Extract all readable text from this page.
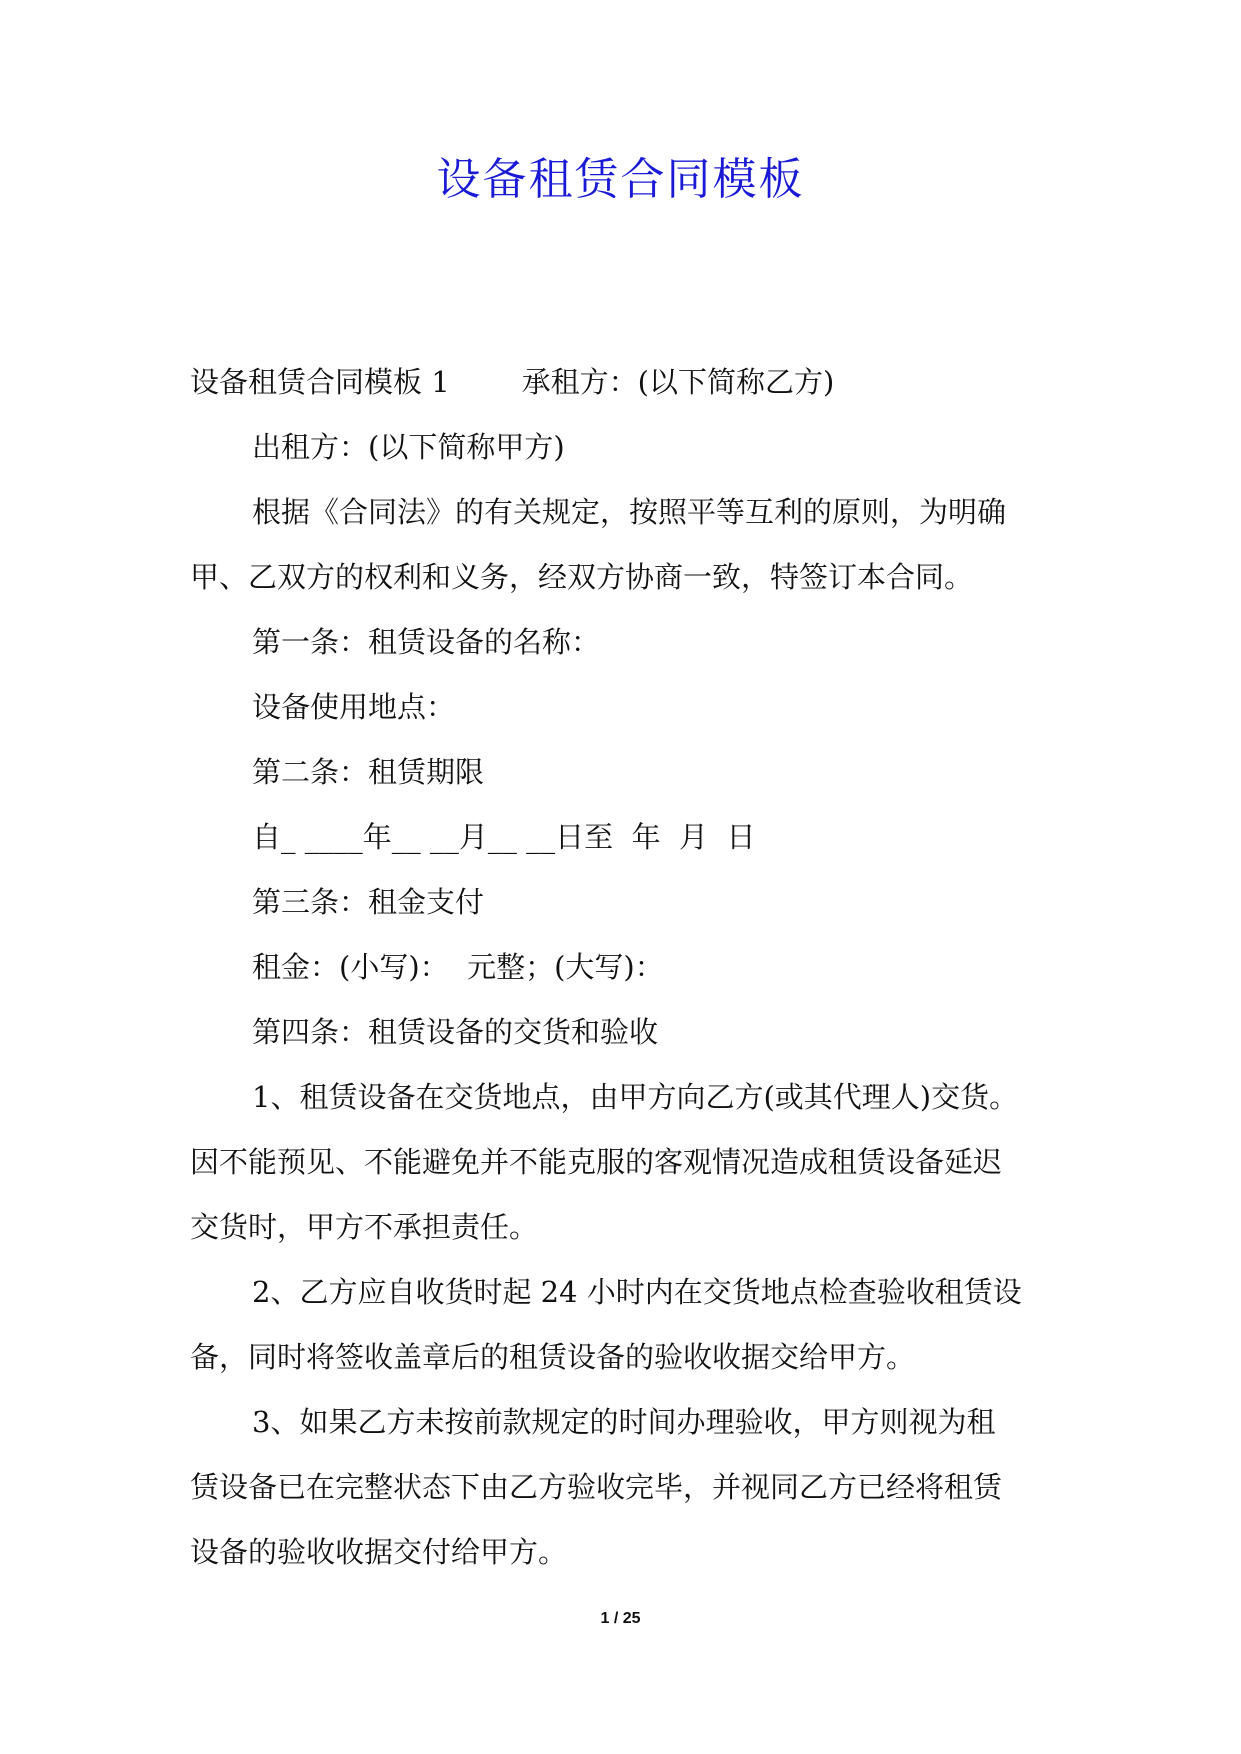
设备租赁合同模板

设备租赁合同模板 1 承租方：(以下简称乙方)

出租方：(以下简称甲方)

根据《合同法》的有关规定，按照平等互利的原则，为明确
甲、乙双方的权利和义务，经双方协商一致，特签订本合同。

第一条：租赁设备的名称：

设备使用地点：

第二条：租赁期限

自_ ____年__ __月__ __日至  年  月  日

第三条：租金支付

租金：(小写)：  元整；(大写)：

第四条：租赁设备的交货和验收

1、租赁设备在交货地点，由甲方向乙方(或其代理人)交货。
因不能预见、不能避免并不能克服的客观情况造成租赁设备延迟
交货时，甲方不承担责任。

2、乙方应自收货时起 24 小时内在交货地点检查验收租赁设
备，同时将签收盖章后的租赁设备的验收收据交给甲方。

3、如果乙方未按前款规定的时间办理验收，甲方则视为租
赁设备已在完整状态下由乙方验收完毕，并视同乙方已经将租赁
设备的验收收据交付给甲方。

1 / 25
